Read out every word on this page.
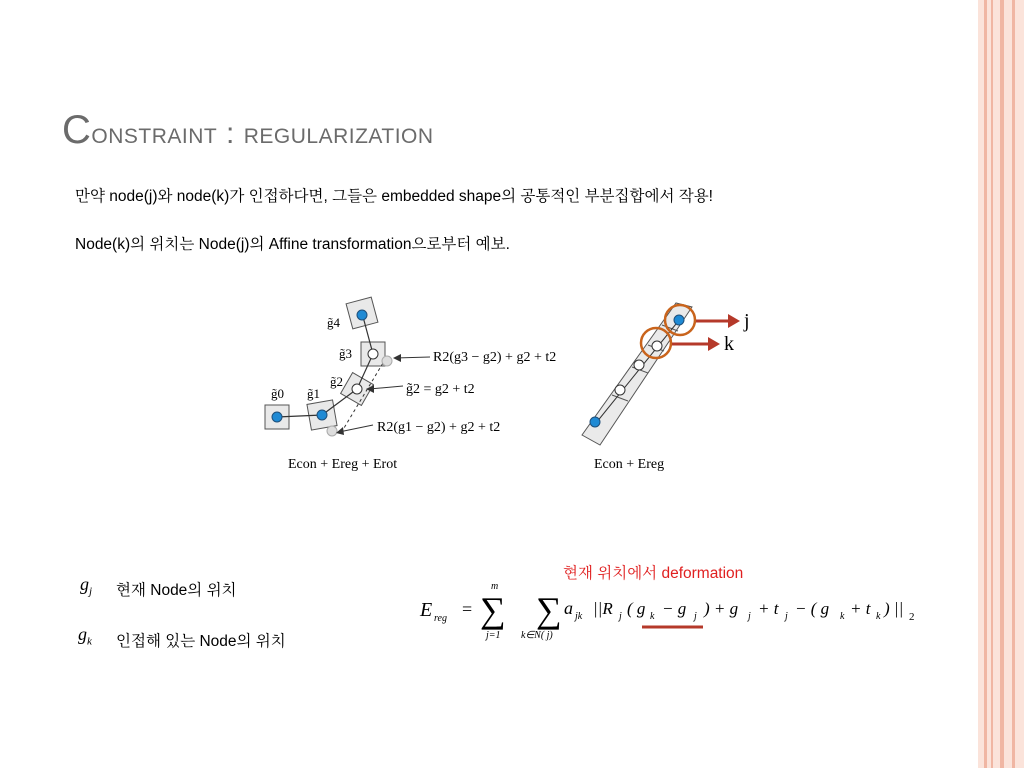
Constraint : regularization
만약 node(j)와 node(k)가 인접하다면, 그들은 embedded shape의 공통적인 부분집합에서 작용!
Node(k)의 위치는 Node(j)의 Affine transformation으로부터 예보.
g̃4
g̃3
g̃2
g̃1
g̃0
R2(g3 − g2) + g2 + t2
g̃2 = g2 + t2
R2(g1 − g2) + g2 + t2
Econ + Ereg + Erot
j
k
Econ + Ereg
$g_j$ 현재 Node의 위치
$g_k$ 인접해 있는 Node의 위치
현재 위치에서 deformation
E reg = ∑
m
j=1
∑
k∈N( j)
a jk ||R j ( g k − g j ) + g j + t j − ( g k + t k ) || 2
